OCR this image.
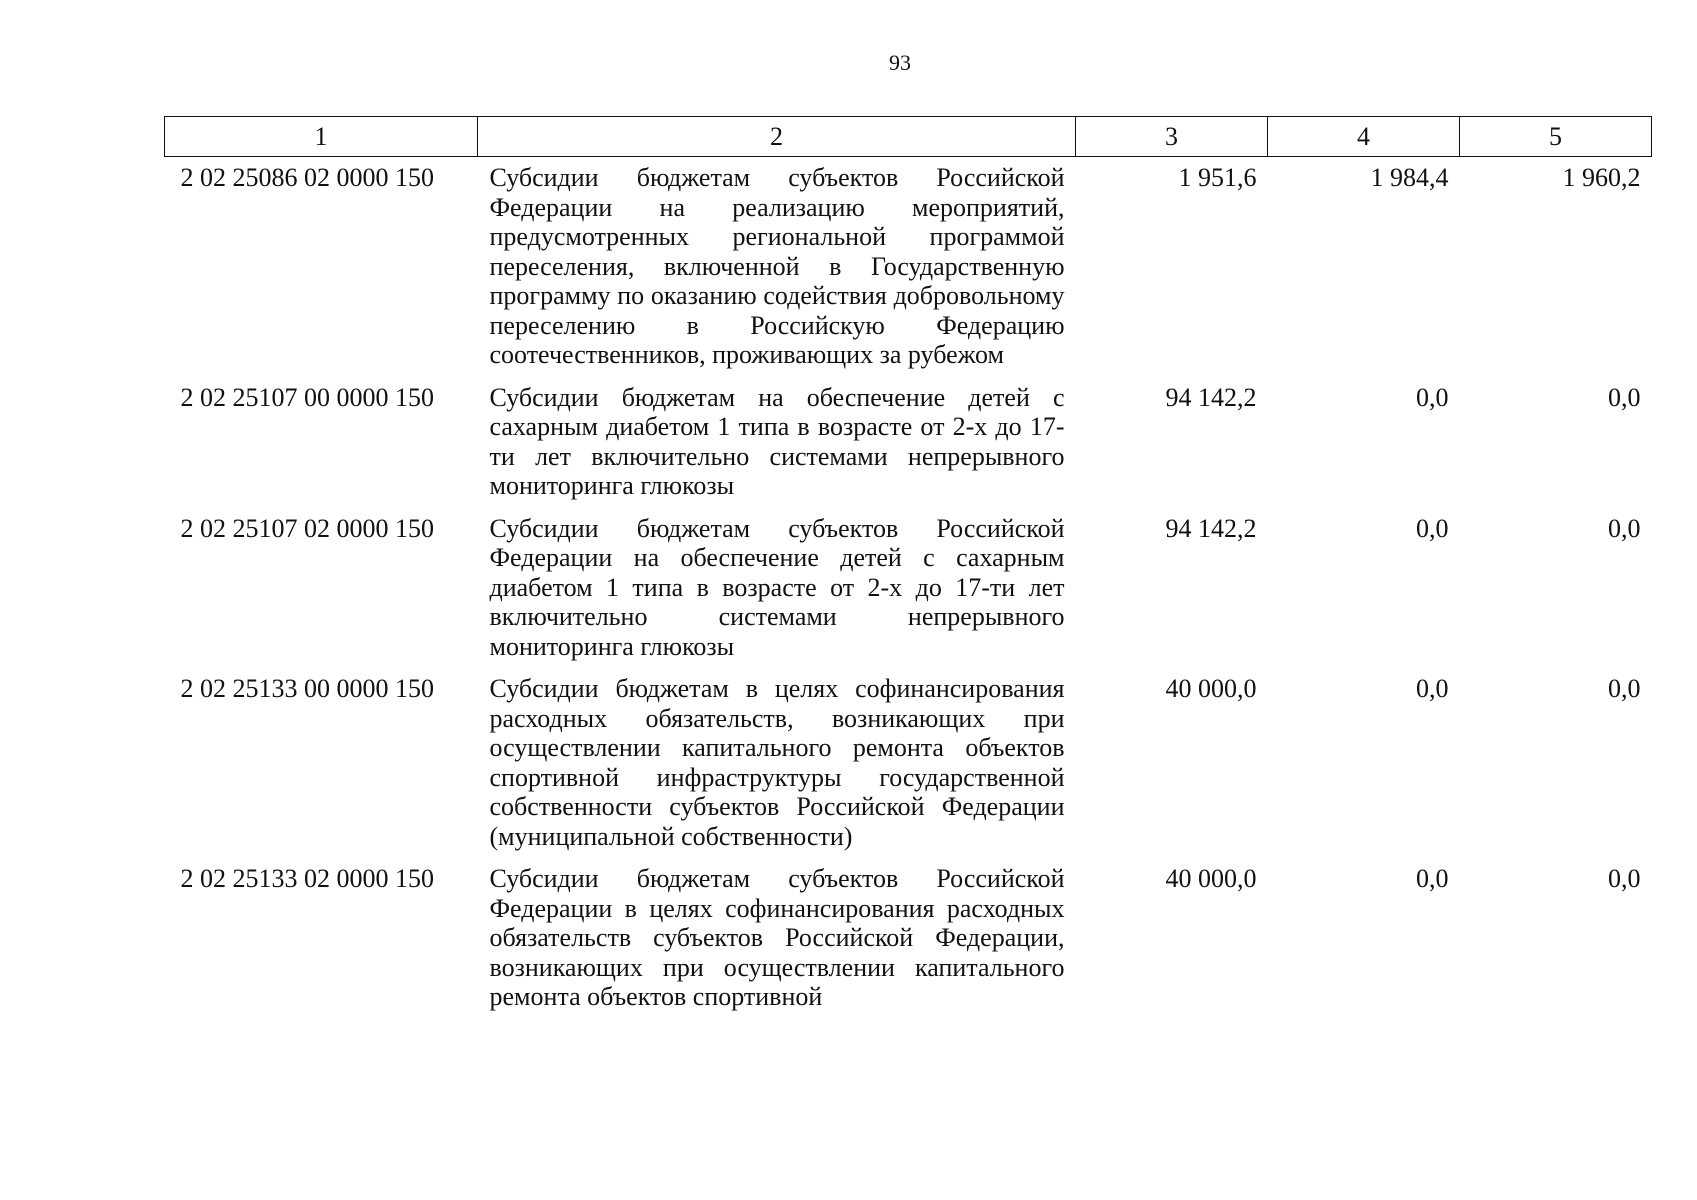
93
1	2	3	4	5
2 02 25086 02 0000 150	Субсидии бюджетам субъектов Российской Федерации на реализацию мероприятий, предусмотренных региональной программой переселения, включенной в Государственную программу по оказанию содействия добровольному переселению в Российскую Федерацию соотечественников, проживающих за рубежом	1 951,6	1 984,4	1 960,2
2 02 25107 00 0000 150	Субсидии бюджетам на обеспечение детей с сахарным диабетом 1 типа в возрасте от 2-х до 17-ти лет включительно системами непрерывного мониторинга глюкозы	94 142,2	0,0	0,0
2 02 25107 02 0000 150	Субсидии бюджетам субъектов Российской Федерации на обеспечение детей с сахарным диабетом 1 типа в возрасте от 2-х до 17-ти лет включительно системами непрерывного мониторинга глюкозы	94 142,2	0,0	0,0
2 02 25133 00 0000 150	Субсидии бюджетам в целях софинансирования расходных обязательств, возникающих при осуществлении капитального ремонта объектов спортивной инфраструктуры государственной собственности субъектов Российской Федерации (муниципальной собственности)	40 000,0	0,0	0,0
2 02 25133 02 0000 150	Субсидии бюджетам субъектов Российской Федерации в целях софинансирования расходных обязательств субъектов Российской Федерации, возникающих при осуществлении капитального ремонта объектов спортивной	40 000,0	0,0	0,0
